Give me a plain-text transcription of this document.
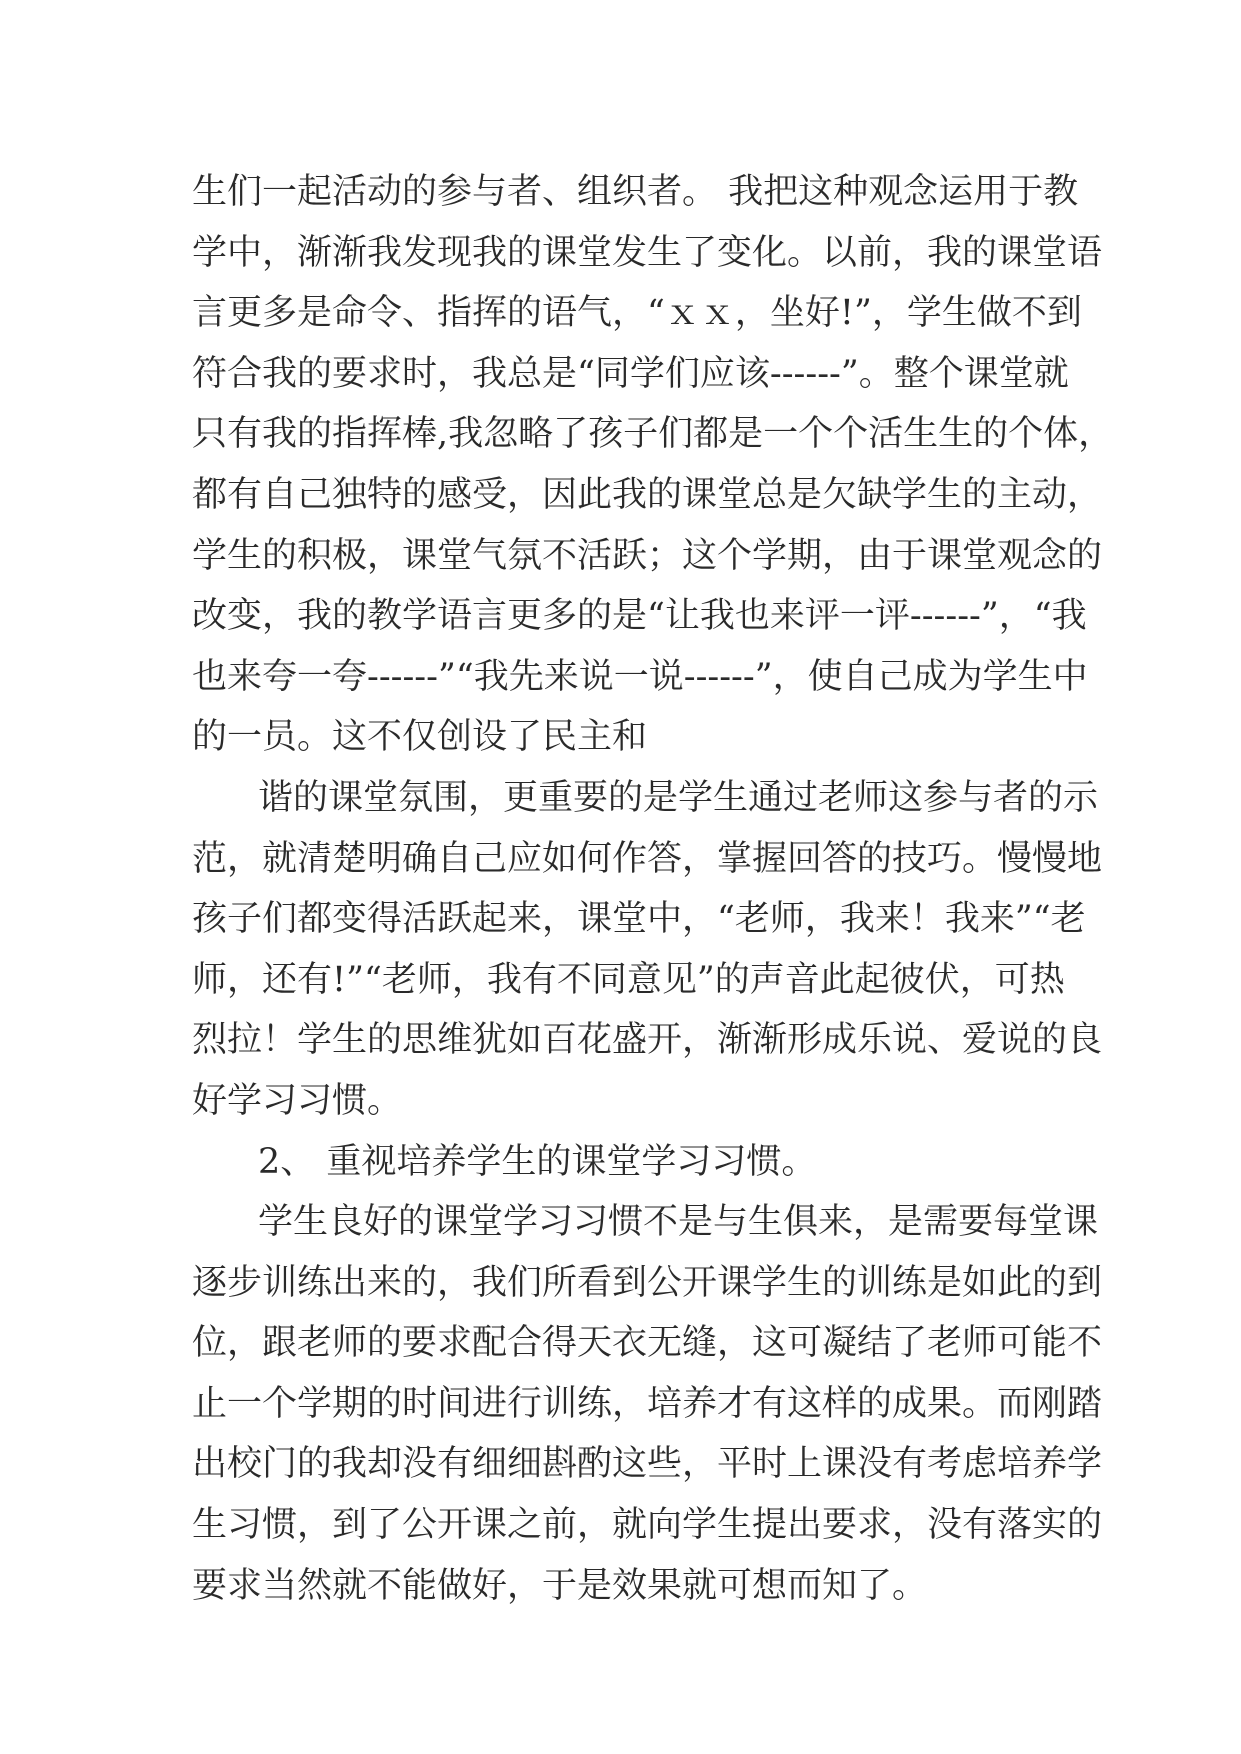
生们一起活动的参与者、组织者。 我把这种观念运用于教
学中，渐渐我发现我的课堂发生了变化。以前，我的课堂语
言更多是命令、指挥的语气，“ｘｘ，坐好!”，学生做不到
符合我的要求时，我总是“同学们应该------”。整个课堂就
只有我的指挥棒,我忽略了孩子们都是一个个活生生的个体，
都有自己独特的感受，因此我的课堂总是欠缺学生的主动，
学生的积极，课堂气氛不活跃；这个学期，由于课堂观念的
改变，我的教学语言更多的是“让我也来评一评------”，“我
也来夸一夸------”“我先来说一说------”，使自己成为学生中
的一员。这不仅创设了民主和
谐的课堂氛围，更重要的是学生通过老师这参与者的示
范，就清楚明确自己应如何作答，掌握回答的技巧。慢慢地
孩子们都变得活跃起来，课堂中，“老师，我来！我来”“老
师，还有!”“老师，我有不同意见”的声音此起彼伏，可热
烈拉！学生的思维犹如百花盛开，渐渐形成乐说、爱说的良
好学习习惯。
2、 重视培养学生的课堂学习习惯。
学生良好的课堂学习习惯不是与生俱来，是需要每堂课
逐步训练出来的，我们所看到公开课学生的训练是如此的到
位，跟老师的要求配合得天衣无缝，这可凝结了老师可能不
止一个学期的时间进行训练，培养才有这样的成果。而刚踏
出校门的我却没有细细斟酌这些，平时上课没有考虑培养学
生习惯，到了公开课之前，就向学生提出要求，没有落实的
要求当然就不能做好，于是效果就可想而知了。
